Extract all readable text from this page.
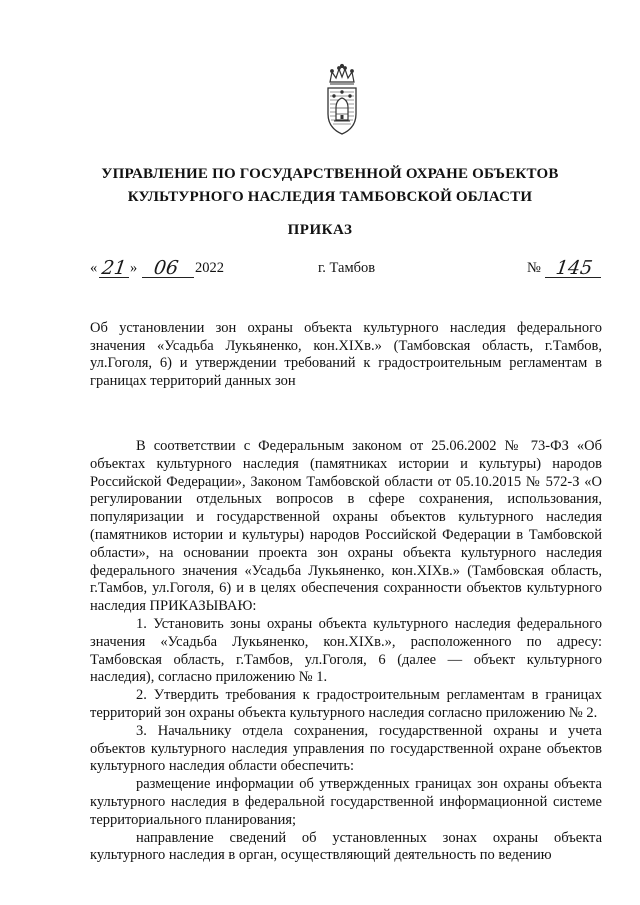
УПРАВЛЕНИЕ ПО ГОСУДАРСТВЕННОЙ ОХРАНЕ ОБЪЕКТОВ
КУЛЬТУРНОГО НАСЛЕДИЯ ТАМБОВСКОЙ ОБЛАСТИ
ПРИКАЗ
« 21 » 06 2022	г. Тамбов	№ 145
Об установлении зон охраны объекта культурного наследия федерального значения «Усадьба Лукьяненко, кон.XIXв.» (Тамбовская область, г.Тамбов, ул.Гоголя, 6) и утверждении требований к градостроительным регламентам в границах территорий данных зон

В соответствии с Федеральным законом от 25.06.2002 № 73-ФЗ «Об объектах культурного наследия (памятниках истории и культуры) народов Российской Федерации», Законом Тамбовской области от 05.10.2015 № 572-З «О регулировании отдельных вопросов в сфере сохранения, использования, популяризации и государственной охраны объектов культурного наследия (памятников истории и культуры) народов Российской Федерации в Тамбовской области», на основании проекта зон охраны объекта культурного наследия федерального значения «Усадьба Лукьяненко, кон.XIXв.» (Тамбовская область, г.Тамбов, ул.Гоголя, 6) и в целях обеспечения сохранности объектов культурного наследия ПРИКАЗЫВАЮ:

1. Установить зоны охраны объекта культурного наследия федерального значения «Усадьба Лукьяненко, кон.XIXв.», расположенного по адресу: Тамбовская область, г.Тамбов, ул.Гоголя, 6 (далее — объект культурного наследия), согласно приложению № 1.

2. Утвердить требования к градостроительным регламентам в границах территорий зон охраны объекта культурного наследия согласно приложению № 2.

3. Начальнику отдела сохранения, государственной охраны и учета объектов культурного наследия управления по государственной охране объектов культурного наследия области обеспечить:

размещение информации об утвержденных границах зон охраны объекта культурного наследия в федеральной государственной информационной системе территориального планирования;

направление сведений об установленных зонах охраны объекта культурного наследия в орган, осуществляющий деятельность по ведению
